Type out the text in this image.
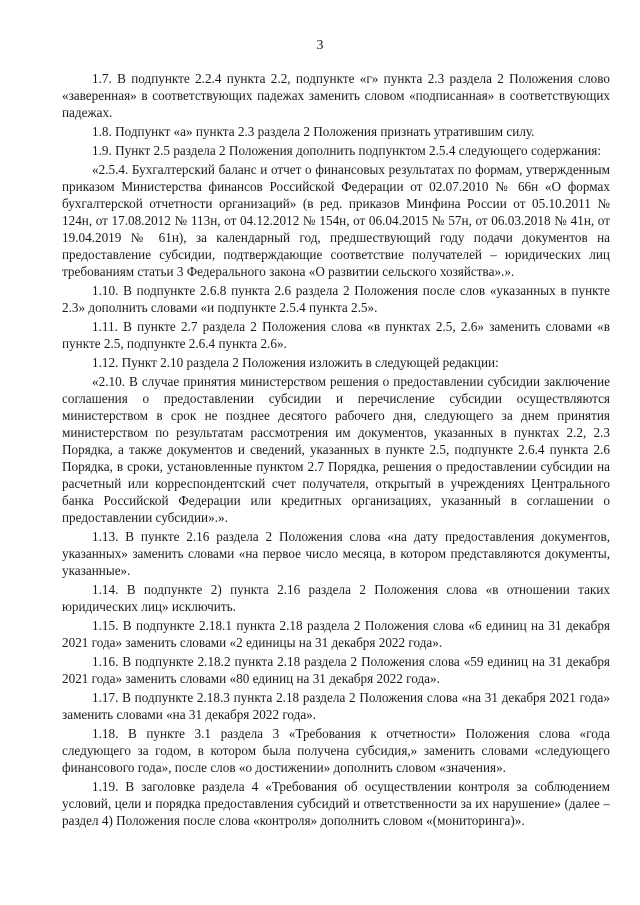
3

1.7. В подпункте 2.2.4 пункта 2.2, подпункте «г» пункта 2.3 раздела 2 Положения слово «заверенная» в соответствующих падежах заменить словом «подписанная» в соответствующих падежах.

1.8. Подпункт «а» пункта 2.3 раздела 2 Положения признать утратившим силу.

1.9. Пункт 2.5 раздела 2 Положения дополнить подпунктом 2.5.4 следующего содержания:

«2.5.4. Бухгалтерский баланс и отчет о финансовых результатах по формам, утвержденным приказом Министерства финансов Российской Федерации от 02.07.2010 № 66н «О формах бухгалтерской отчетности организаций» (в ред. приказов Минфина России от 05.10.2011 № 124н, от 17.08.2012 № 113н, от 04.12.2012 № 154н, от 06.04.2015 № 57н, от 06.03.2018 № 41н, от 19.04.2019 № 61н), за календарный год, предшествующий году подачи документов на предоставление субсидии, подтверждающие соответствие получателей – юридических лиц требованиям статьи 3 Федерального закона «О развитии сельского хозяйства».».

1.10. В подпункте 2.6.8 пункта 2.6 раздела 2 Положения после слов «указанных в пункте 2.3» дополнить словами «и подпункте 2.5.4 пункта 2.5».

1.11. В пункте 2.7 раздела 2 Положения слова «в пунктах 2.5, 2.6» заменить словами «в пункте 2.5, подпункте 2.6.4 пункта 2.6».

1.12. Пункт 2.10 раздела 2 Положения изложить в следующей редакции:

«2.10. В случае принятия министерством решения о предоставлении субсидии заключение соглашения о предоставлении субсидии и перечисление субсидии осуществляются министерством в срок не позднее десятого рабочего дня, следующего за днем принятия министерством по результатам рассмотрения им документов, указанных в пунктах 2.2, 2.3 Порядка, а также документов и сведений, указанных в пункте 2.5, подпункте 2.6.4 пункта 2.6 Порядка, в сроки, установленные пунктом 2.7 Порядка, решения о предоставлении субсидии на расчетный или корреспондентский счет получателя, открытый в учреждениях Центрального банка Российской Федерации или кредитных организациях, указанный в соглашении о предоставлении субсидии».».

1.13. В пункте 2.16 раздела 2 Положения слова «на дату предоставления документов, указанных» заменить словами «на первое число месяца, в котором представляются документы, указанные».

1.14. В подпункте 2) пункта 2.16 раздела 2 Положения слова «в отношении таких юридических лиц» исключить.

1.15. В подпункте 2.18.1 пункта 2.18 раздела 2 Положения слова «6 единиц на 31 декабря 2021 года» заменить словами «2 единицы на 31 декабря 2022 года».

1.16. В подпункте 2.18.2 пункта 2.18 раздела 2 Положения слова «59 единиц на 31 декабря 2021 года» заменить словами «80 единиц на 31 декабря 2022 года».

1.17. В подпункте 2.18.3 пункта 2.18 раздела 2 Положения слова «на 31 декабря 2021 года» заменить словами «на 31 декабря 2022 года».

1.18. В пункте 3.1 раздела 3 «Требования к отчетности» Положения слова «года следующего за годом, в котором была получена субсидия,» заменить словами «следующего финансового года», после слов «о достижении» дополнить словом «значения».

1.19. В заголовке раздела 4 «Требования об осуществлении контроля за соблюдением условий, цели и порядка предоставления субсидий и ответственности за их нарушение» (далее – раздел 4) Положения после слова «контроля» дополнить словом «(мониторинга)».
